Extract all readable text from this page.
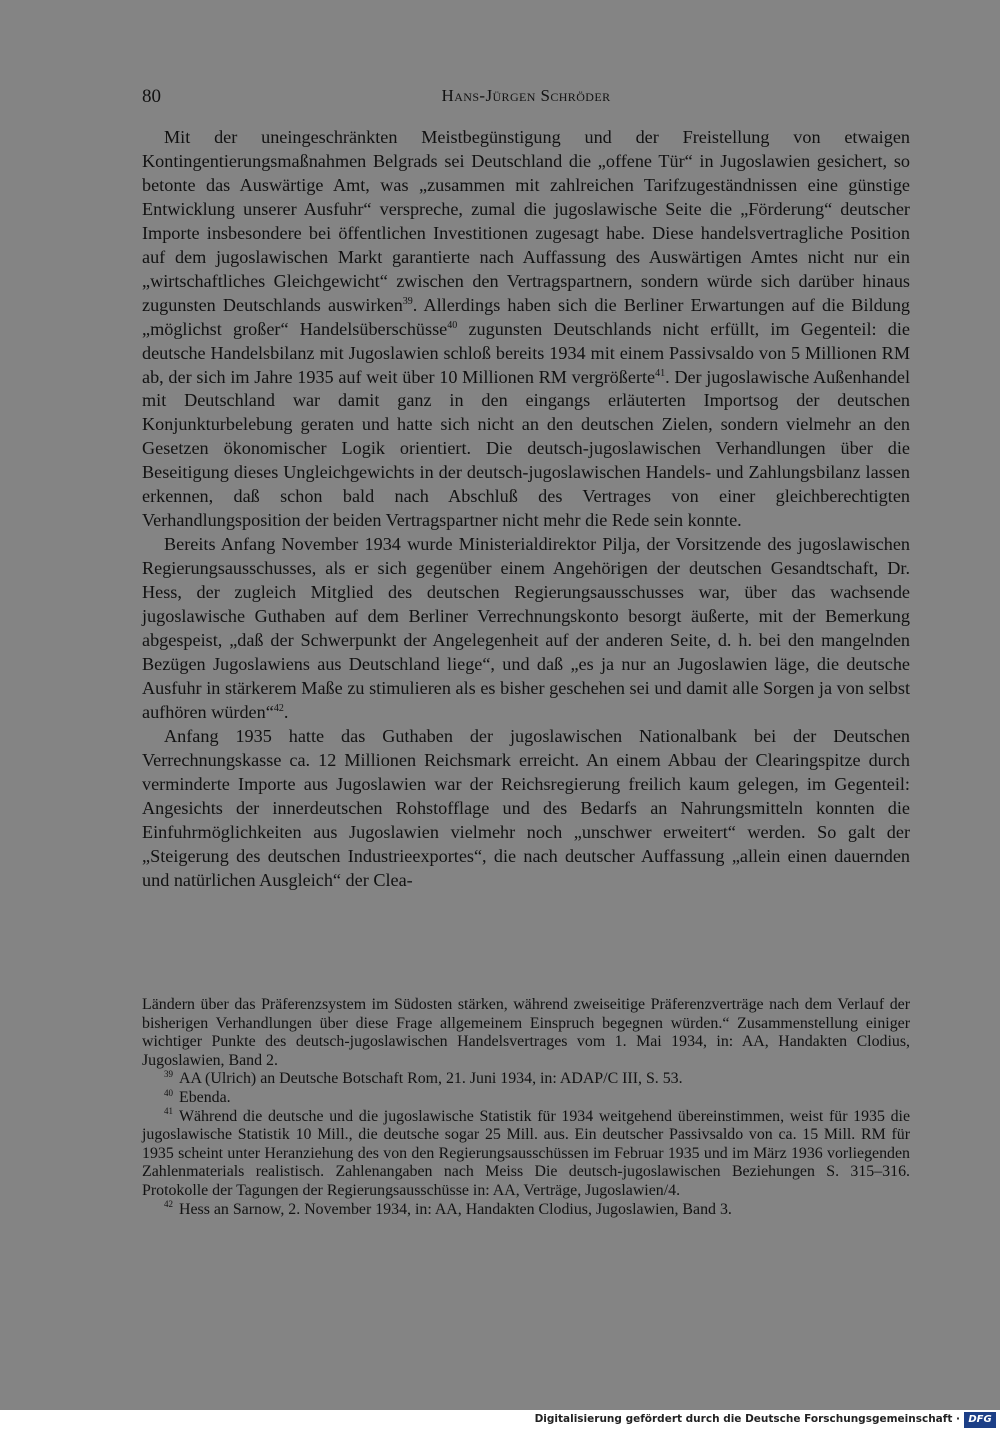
80	Hans-Jürgen Schröder

Mit der uneingeschränkten Meistbegünstigung und der Freistellung von etwaigen Kontingentierungsmaßnahmen Belgrads sei Deutschland die „offene Tür“ in Jugoslawien gesichert, so betonte das Auswärtige Amt, was „zusammen mit zahlreichen Tarifzugeständnissen eine günstige Entwicklung unserer Ausfuhr“ verspreche, zumal die jugoslawische Seite die „Förderung“ deutscher Importe insbesondere bei öffentlichen Investitionen zugesagt habe. Diese handelsvertragliche Position auf dem jugoslawischen Markt garantierte nach Auffassung des Auswärtigen Amtes nicht nur ein „wirtschaftliches Gleichgewicht“ zwischen den Vertragspartnern, sondern würde sich darüber hinaus zugunsten Deutschlands auswirken$^{39}$. Allerdings haben sich die Berliner Erwartungen auf die Bildung „möglichst großer“ Handelsüberschüsse$^{40}$ zugunsten Deutschlands nicht erfüllt, im Gegenteil: die deutsche Handelsbilanz mit Jugoslawien schloß bereits 1934 mit einem Passivsaldo von 5 Millionen RM ab, der sich im Jahre 1935 auf weit über 10 Millionen RM vergrößerte$^{41}$. Der jugoslawische Außenhandel mit Deutschland war damit ganz in den eingangs erläuterten Importsog der deutschen Konjunkturbelebung geraten und hatte sich nicht an den deutschen Zielen, sondern vielmehr an den Gesetzen ökonomischer Logik orientiert. Die deutsch-jugoslawischen Verhandlungen über die Beseitigung dieses Ungleichgewichts in der deutsch-jugoslawischen Handels- und Zahlungsbilanz lassen erkennen, daß schon bald nach Abschluß des Vertrages von einer gleichberechtigten Verhandlungsposition der beiden Vertragspartner nicht mehr die Rede sein konnte.

Bereits Anfang November 1934 wurde Ministerialdirektor Pilja, der Vorsitzende des jugoslawischen Regierungsausschusses, als er sich gegenüber einem Angehörigen der deutschen Gesandtschaft, Dr. Hess, der zugleich Mitglied des deutschen Regierungsausschusses war, über das wachsende jugoslawische Guthaben auf dem Berliner Verrechnungskonto besorgt äußerte, mit der Bemerkung abgespeist, „daß der Schwerpunkt der Angelegenheit auf der anderen Seite, d. h. bei den mangelnden Bezügen Jugoslawiens aus Deutschland liege“, und daß „es ja nur an Jugoslawien läge, die deutsche Ausfuhr in stärkerem Maße zu stimulieren als es bisher geschehen sei und damit alle Sorgen ja von selbst aufhören würden“$^{42}$.

Anfang 1935 hatte das Guthaben der jugoslawischen Nationalbank bei der Deutschen Verrechnungskasse ca. 12 Millionen Reichsmark erreicht. An einem Abbau der Clearingspitze durch verminderte Importe aus Jugoslawien war der Reichsregierung freilich kaum gelegen, im Gegenteil: Angesichts der innerdeutschen Rohstofflage und des Bedarfs an Nahrungsmitteln konnten die Einfuhrmöglichkeiten aus Jugoslawien vielmehr noch „unschwer erweitert“ werden. So galt der „Steigerung des deutschen Industrieexportes“, die nach deutscher Auffassung „allein einen dauernden und natürlichen Ausgleich“ der Clea-

Ländern über das Präferenzsystem im Südosten stärken, während zweiseitige Präferenzverträge nach dem Verlauf der bisherigen Verhandlungen über diese Frage allgemeinem Einspruch begegnen würden.“ Zusammenstellung einiger wichtiger Punkte des deutsch-jugoslawischen Handelsvertrages vom 1. Mai 1934, in: AA, Handakten Clodius, Jugoslawien, Band 2.

$^{39}$ AA (Ulrich) an Deutsche Botschaft Rom, 21. Juni 1934, in: ADAP/C III, S. 53.

$^{40}$ Ebenda.

$^{41}$ Während die deutsche und die jugoslawische Statistik für 1934 weitgehend übereinstimmen, weist für 1935 die jugoslawische Statistik 10 Mill., die deutsche sogar 25 Mill. aus. Ein deutscher Passivsaldo von ca. 15 Mill. RM für 1935 scheint unter Heranziehung des von den Regierungsausschüssen im Februar 1935 und im März 1936 vorliegenden Zahlenmaterials realistisch. Zahlenangaben nach Meiss Die deutsch-jugoslawischen Beziehungen S. 315–316. Protokolle der Tagungen der Regierungsausschüsse in: AA, Verträge, Jugoslawien/4.

$^{42}$ Hess an Sarnow, 2. November 1934, in: AA, Handakten Clodius, Jugoslawien, Band 3.

Digitalisierung gefördert durch die Deutsche Forschungsgemeinschaft · DFG
